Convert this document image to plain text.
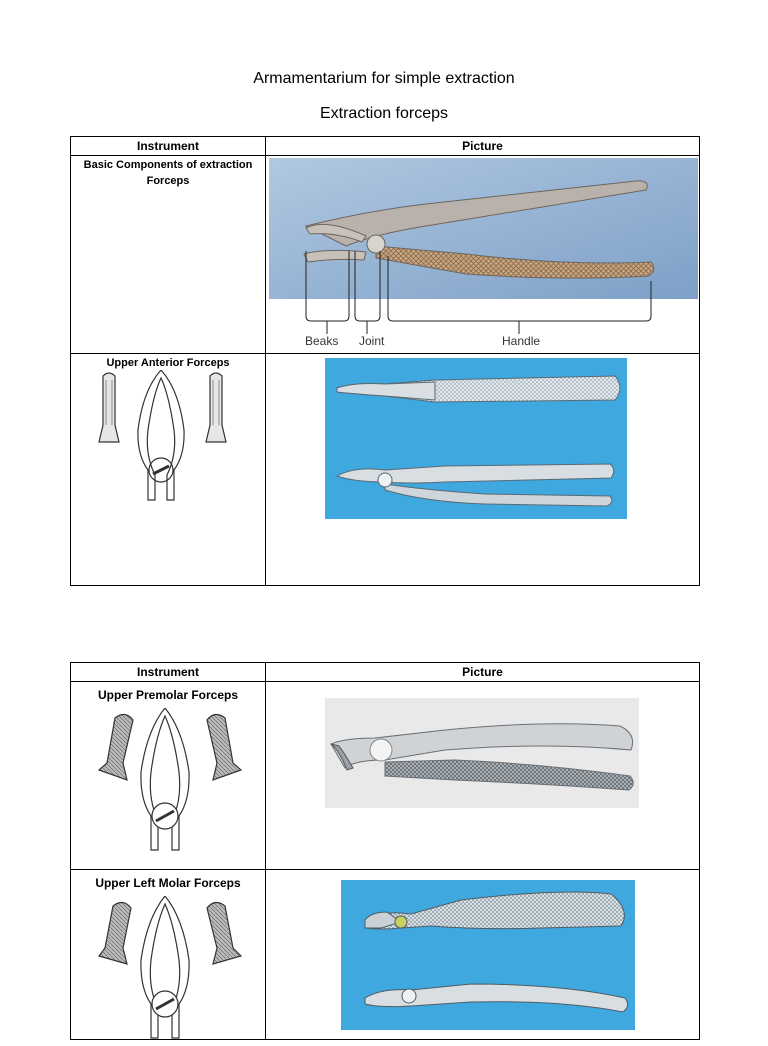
Armamentarium for simple extraction
Extraction forceps
Instrument	Picture
Basic Components of extraction Forceps	Beaks Joint Handle

Upper Anterior Forceps

Instrument	Picture

Upper Premolar Forceps

Upper Left Molar Forceps
